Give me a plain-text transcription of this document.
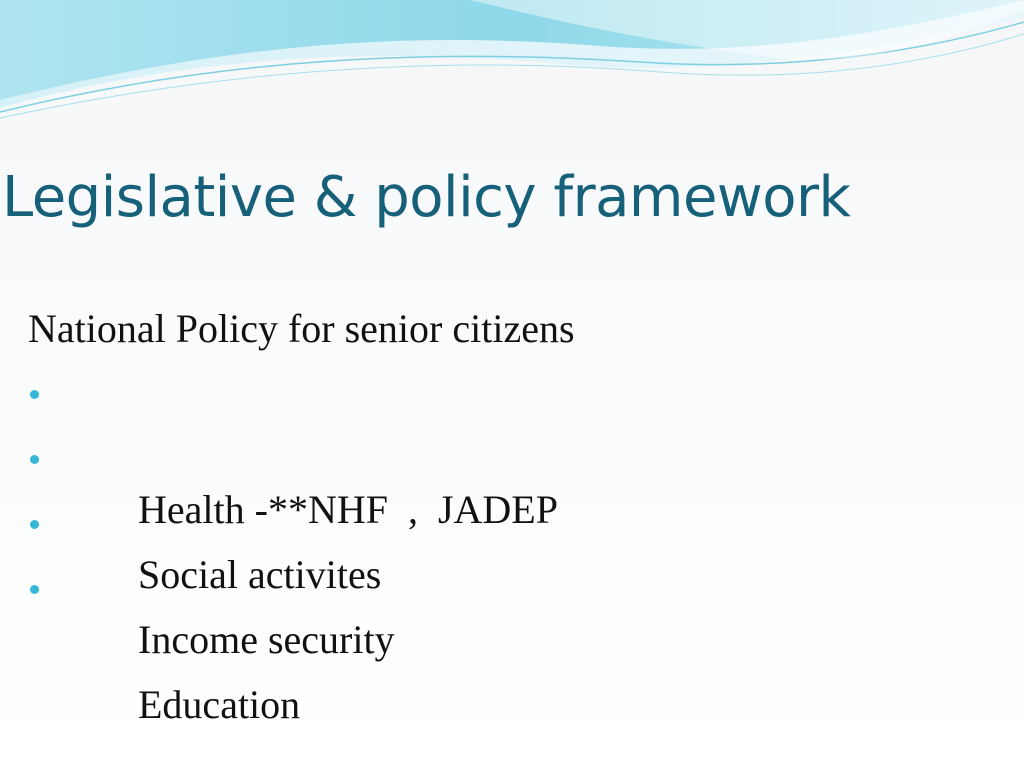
Legislative & policy framework

National Policy for senior citizens

Health -**NHF  ,  JADEP

Social activites

Income security

Education
